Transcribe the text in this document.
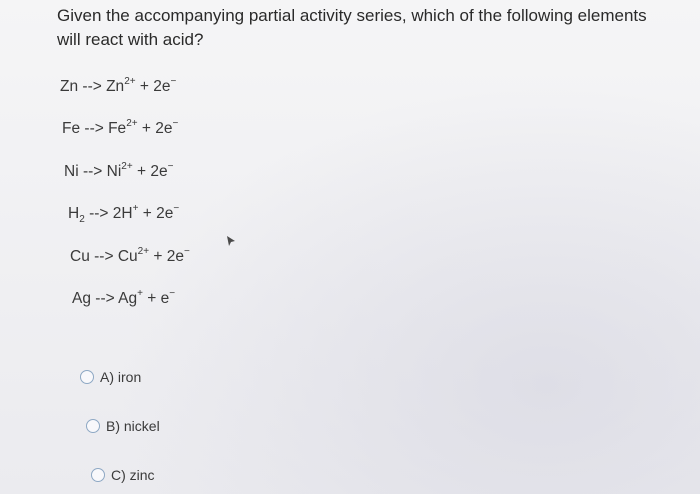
Given the accompanying partial activity series, which of the following elements will react with acid?

Zn --> $Zn^{2+} + 2e^-$
Fe --> $Fe^{2+} + 2e^-$
Ni --> $Ni^{2+} + 2e^-$
$H_2$ --> 2H+ + 2e−
Cu --> $Cu^{2+} + 2e^-$
Ag --> Ag+ + e−
A) iron
B) nickel
C) zinc
